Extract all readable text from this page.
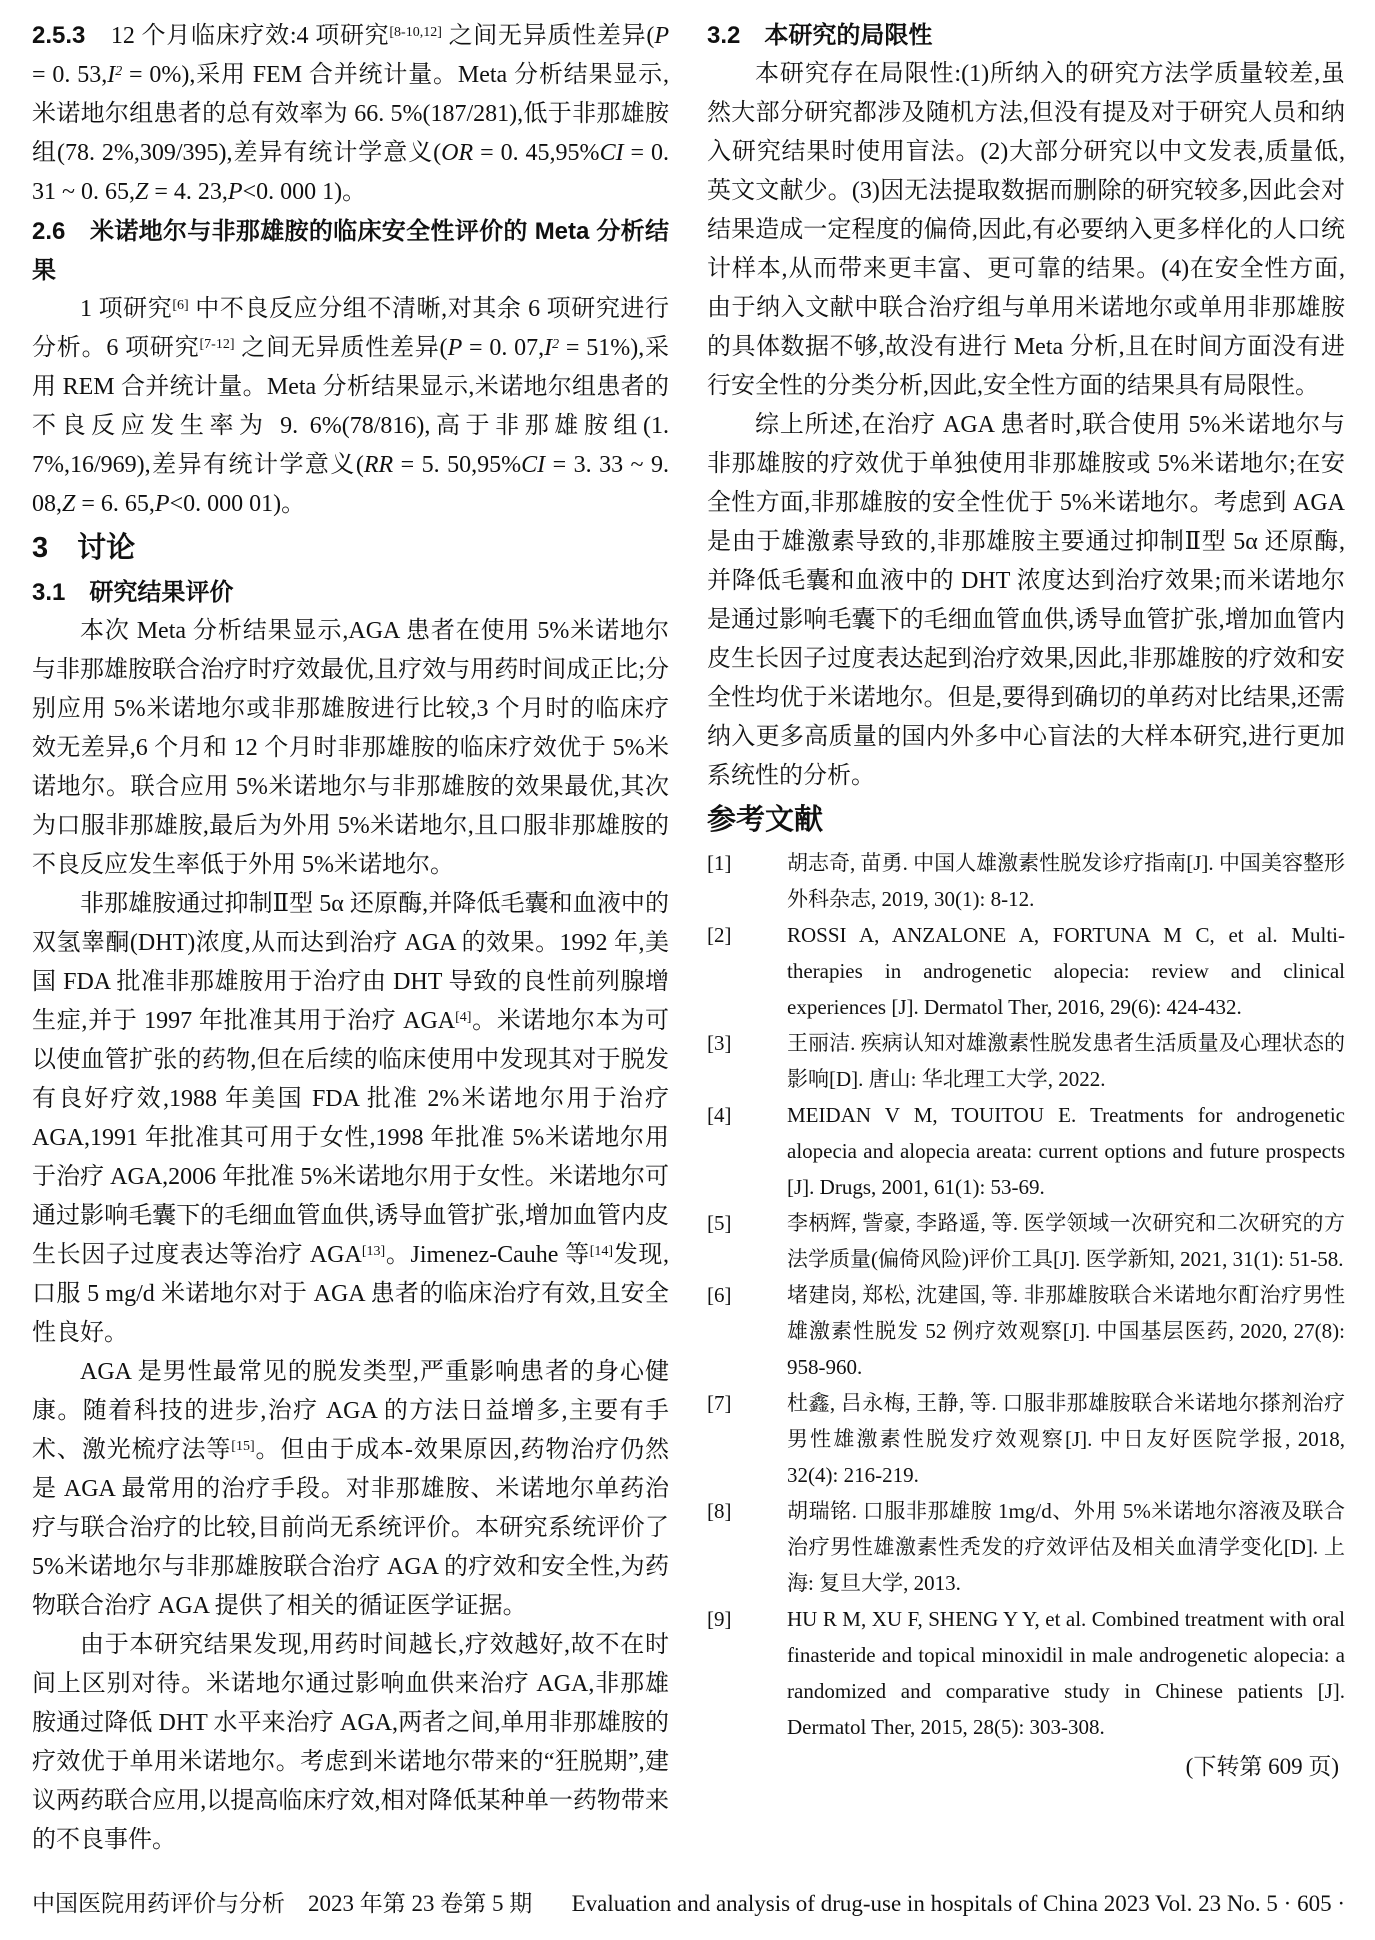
2.5.3　12 个月临床疗效:4 项研究[8-10,12] 之间无异质性差异(P = 0. $53,I^2 = 0\%$),采用 FEM 合并统计量。Meta 分析结果显示,米诺地尔组患者的总有效率为 66. 5%(187/281),低于非那雄胺组(78. 2%,309/395),差异有统计学意义(OR = 0. 45,95%CI = 0. 31 ~ 0. 65,Z = 4. 23,P<0. 000 1)。
2.6　米诺地尔与非那雄胺的临床安全性评价的 Meta 分析结果
1 项研究[6] 中不良反应分组不清晰,对其余 6 项研究进行分析。6 项研究[7-12] 之间无异质性差异(P = 0. $07,I^2 = 51\%$),采用 REM 合并统计量。Meta 分析结果显示,米诺地尔组患者的不良反应发生率为 9. 6%(78/816),高于非那雄胺组(1. 7%,16/969),差异有统计学意义(RR = 5. 50,95%CI = 3. 33 ~ 9. 08,Z = 6. 65,P<0. 000 01)。
3　讨论
3.1　研究结果评价
本次 Meta 分析结果显示,AGA 患者在使用 5%米诺地尔与非那雄胺联合治疗时疗效最优,且疗效与用药时间成正比;分别应用 5%米诺地尔或非那雄胺进行比较,3 个月时的临床疗效无差异,6 个月和 12 个月时非那雄胺的临床疗效优于 5%米诺地尔。联合应用 5%米诺地尔与非那雄胺的效果最优,其次为口服非那雄胺,最后为外用 5%米诺地尔,且口服非那雄胺的不良反应发生率低于外用 5%米诺地尔。
非那雄胺通过抑制Ⅱ型 5α 还原酶,并降低毛囊和血液中的双氢睾酮(DHT)浓度,从而达到治疗 AGA 的效果。1992 年,美国 FDA 批准非那雄胺用于治疗由 DHT 导致的良性前列腺增生症,并于 1997 年批准其用于治疗 AGA[4]。米诺地尔本为可以使血管扩张的药物,但在后续的临床使用中发现其对于脱发有良好疗效,1988 年美国 FDA 批准 2%米诺地尔用于治疗 AGA,1991 年批准其可用于女性,1998 年批准 5%米诺地尔用于治疗 AGA,2006 年批准 5%米诺地尔用于女性。米诺地尔可通过影响毛囊下的毛细血管血供,诱导血管扩张,增加血管内皮生长因子过度表达等治疗 AGA[13]。Jimenez-Cauhe 等[14]发现,口服 5 mg/d 米诺地尔对于 AGA 患者的临床治疗有效,且安全性良好。
AGA 是男性最常见的脱发类型,严重影响患者的身心健康。随着科技的进步,治疗 AGA 的方法日益增多,主要有手术、激光梳疗法等[15]。但由于成本-效果原因,药物治疗仍然是 AGA 最常用的治疗手段。对非那雄胺、米诺地尔单药治疗与联合治疗的比较,目前尚无系统评价。本研究系统评价了 5%米诺地尔与非那雄胺联合治疗 AGA 的疗效和安全性,为药物联合治疗 AGA 提供了相关的循证医学证据。
由于本研究结果发现,用药时间越长,疗效越好,故不在时间上区别对待。米诺地尔通过影响血供来治疗 AGA,非那雄胺通过降低 DHT 水平来治疗 AGA,两者之间,单用非那雄胺的疗效优于单用米诺地尔。考虑到米诺地尔带来的“狂脱期”,建议两药联合应用,以提高临床疗效,相对降低某种单一药物带来的不良事件。
3.2　本研究的局限性
本研究存在局限性:(1)所纳入的研究方法学质量较差,虽然大部分研究都涉及随机方法,但没有提及对于研究人员和纳入研究结果时使用盲法。(2)大部分研究以中文发表,质量低,英文文献少。(3)因无法提取数据而删除的研究较多,因此会对结果造成一定程度的偏倚,因此,有必要纳入更多样化的人口统计样本,从而带来更丰富、更可靠的结果。(4)在安全性方面,由于纳入文献中联合治疗组与单用米诺地尔或单用非那雄胺的具体数据不够,故没有进行 Meta 分析,且在时间方面没有进行安全性的分类分析,因此,安全性方面的结果具有局限性。
综上所述,在治疗 AGA 患者时,联合使用 5%米诺地尔与非那雄胺的疗效优于单独使用非那雄胺或 5%米诺地尔;在安全性方面,非那雄胺的安全性优于 5%米诺地尔。考虑到 AGA 是由于雄激素导致的,非那雄胺主要通过抑制Ⅱ型 5α 还原酶,并降低毛囊和血液中的 DHT 浓度达到治疗效果;而米诺地尔是通过影响毛囊下的毛细血管血供,诱导血管扩张,增加血管内皮生长因子过度表达起到治疗效果,因此,非那雄胺的疗效和安全性均优于米诺地尔。但是,要得到确切的单药对比结果,还需纳入更多高质量的国内外多中心盲法的大样本研究,进行更加系统性的分析。
参考文献
[1]	胡志奇, 苗勇. 中国人雄激素性脱发诊疗指南[J]. 中国美容整形外科杂志, 2019, 30(1): 8-12.
[2]	ROSSI A, ANZALONE A, FORTUNA M C, et al. Multi-therapies in androgenetic alopecia: review and clinical experiences [J]. Dermatol Ther, 2016, 29(6): 424-432.
[3]	王丽洁. 疾病认知对雄激素性脱发患者生活质量及心理状态的影响[D]. 唐山: 华北理工大学, 2022.
[4]	MEIDAN V M, TOUITOU E. Treatments for androgenetic alopecia and alopecia areata: current options and future prospects [J]. Drugs, 2001, 61(1): 53-69.
[5]	李柄辉, 訾豪, 李路遥, 等. 医学领域一次研究和二次研究的方法学质量(偏倚风险)评价工具[J]. 医学新知, 2021, 31(1): 51-58.
[6]	堵建岗, 郑松, 沈建国, 等. 非那雄胺联合米诺地尔酊治疗男性雄激素性脱发 52 例疗效观察[J]. 中国基层医药, 2020, 27(8): 958-960.
[7]	杜鑫, 吕永梅, 王静, 等. 口服非那雄胺联合米诺地尔搽剂治疗男性雄激素性脱发疗效观察[J]. 中日友好医院学报, 2018, 32(4): 216-219.
[8]	胡瑞铭. 口服非那雄胺 1mg/d、外用 5%米诺地尔溶液及联合治疗男性雄激素性秃发的疗效评估及相关血清学变化[D]. 上海: 复旦大学, 2013.
[9]	HU R M, XU F, SHENG Y Y, et al. Combined treatment with oral finasteride and topical minoxidil in male androgenetic alopecia: a randomized and comparative study in Chinese patients [J]. Dermatol Ther, 2015, 28(5): 303-308.
(下转第 609 页)
中国医院用药评价与分析　2023 年第 23 卷第 5 期 Evaluation and analysis of drug-use in hospitals of China 2023 Vol. 23 No. 5 · 605 ·
